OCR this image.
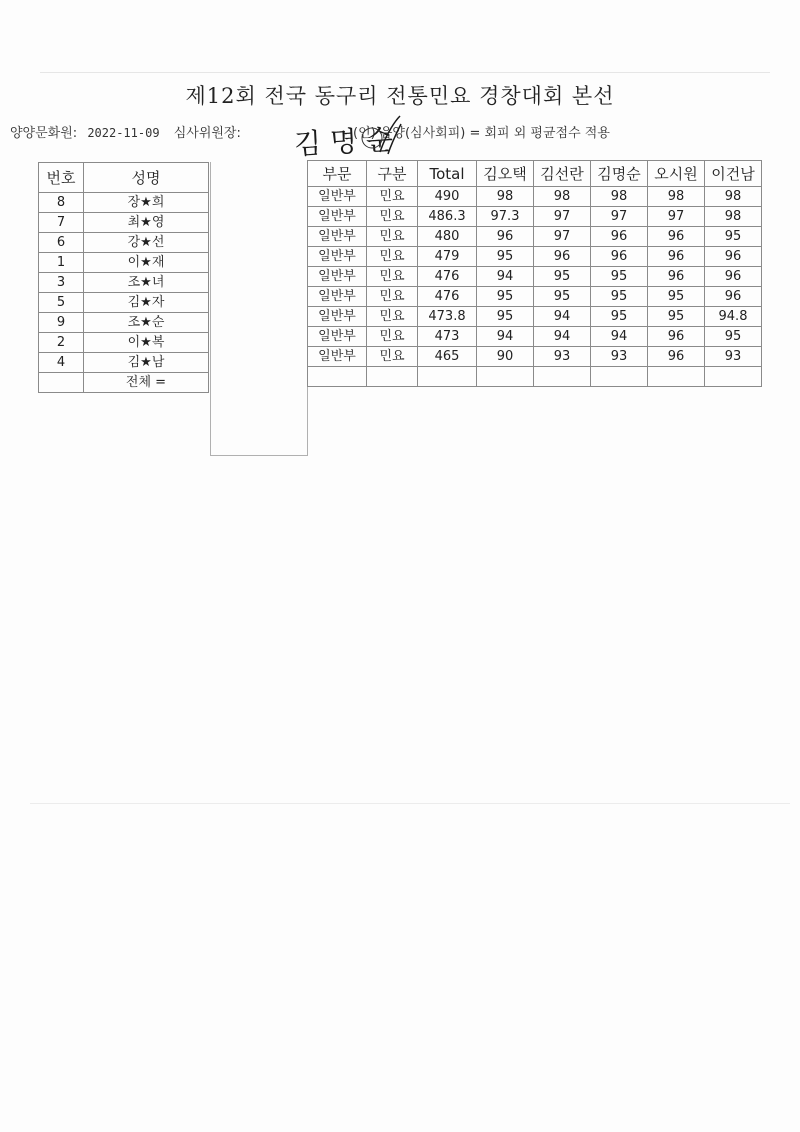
제12회 전국 동구리 전통민요 경창대회 본선
양양문화원: 2022-11-09 심사위원장:	(인) 음양(심사회피) = 회피 외 평균점수 적용
김 명 순
번호	성명
8	장★희
7	최★영
6	강★선
1	이★재
3	조★녀
5	김★자
9	조★순
2	이★복
4	김★남
	전체 =
부문	구분	Total	김오택	김선란	김명순	오시원	이건남
일반부	민요	490	98	98	98	98	98
일반부	민요	486.3	97.3	97	97	97	98
일반부	민요	480	96	97	96	96	95
일반부	민요	479	95	96	96	96	96
일반부	민요	476	94	95	95	96	96
일반부	민요	476	95	95	95	95	96
일반부	민요	473.8	95	94	95	95	94.8
일반부	민요	473	94	94	94	96	95
일반부	민요	465	90	93	93	96	93
